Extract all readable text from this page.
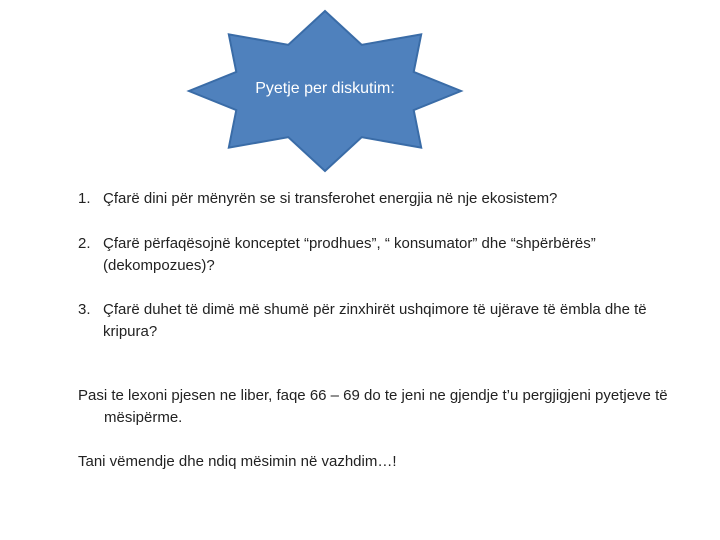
Pyetje per diskutim:
1. Çfarë dini për mënyrën se si transferohet energjia në nje ekosistem?
2. Çfarë përfaqësojnë konceptet “prodhues”, “ konsumator” dhe “shpërbërës” (dekompozues)?
3. Çfarë duhet të dimë më shumë për zinxhirët ushqimore të ujërave të ëmbla dhe të kripura?

Pasi te lexoni pjesen ne liber, faqe 66 – 69 do te jeni ne gjendje t’u pergjigjeni pyetjeve të mësipërme.

Tani vëmendje dhe ndiq mësimin në vazhdim…!
